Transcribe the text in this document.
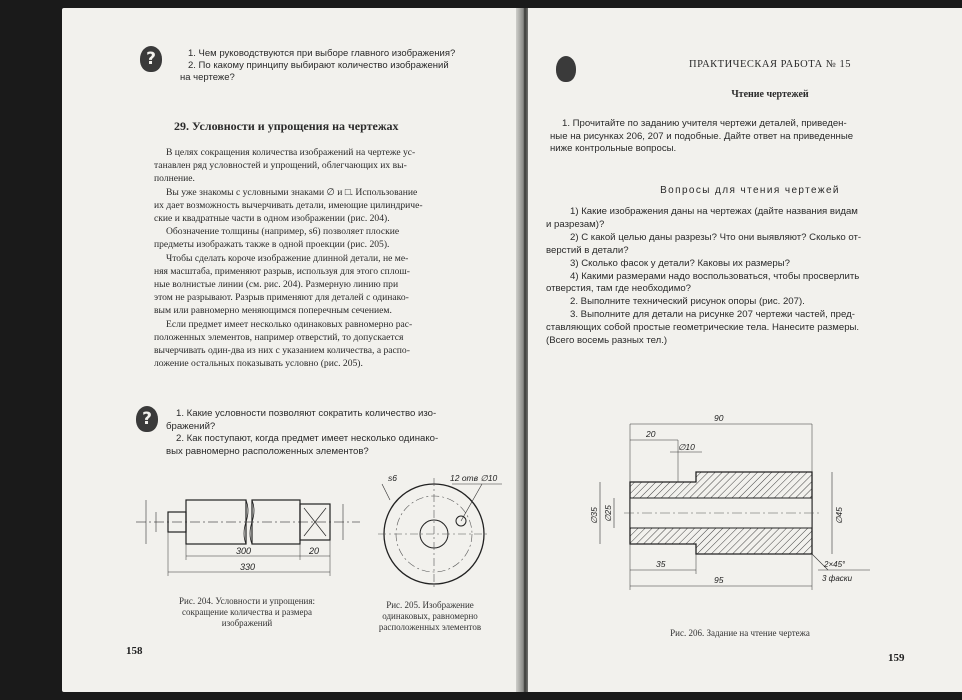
?	1. Чем руководствуются при выборе главного изображения?
2. По какому принципу выбирают количество изображений
на чертеже?
29. Условности и упрощения на чертежах
В целях сокращения количества изображений на чертеже ус-
танавлен ряд условностей и упрощений, облегчающих их вы-
полнение.
Вы уже знакомы с условными знаками ∅ и □. Использование
их дает возможность вычерчивать детали, имеющие цилиндриче-
ские и квадратные части в одном изображении (рис. 204).
Обозначение толщины (например, s6) позволяет плоские
предметы изображать также в одной проекции (рис. 205).
Чтобы сделать короче изображение длинной детали, не ме-
няя масштаба, применяют разрыв, используя для этого сплош-
ные волнистые линии (см. рис. 204). Размерную линию при
этом не разрывают. Разрыв применяют для деталей с одинако-
вым или равномерно меняющимся поперечным сечением.
Если предмет имеет несколько одинаковых равномерно рас-
положенных элементов, например отверстий, то допускается
вычерчивать один-два из них с указанием количества, а распо-
ложение остальных показывать условно (рис. 205).
?	1. Какие условности позволяют сократить количество изо-
бражений?
2. Как поступают, когда предмет имеет несколько одинако-
вых равномерно расположенных элементов?
300	20
330
Рис. 204. Условности и упрощения:
сокращение количества и размера
изображений
s6	12 отв ∅10
Рис. 205. Изображение
одинаковых, равномерно
расположенных элементов
158
ПРАКТИЧЕСКАЯ РАБОТА № 15
Чтение чертежей
1. Прочитайте по заданию учителя чертежи деталей, приведен-
ные на рисунках 206, 207 и подобные. Дайте ответ на приведенные
ниже контрольные вопросы.
Вопросы для чтения чертежей
1) Какие изображения даны на чертежах (дайте названия видам
и разрезам)?
2) С какой целью даны разрезы? Что они выявляют? Сколько от-
верстий в детали?
3) Сколько фасок у детали? Каковы их размеры?
4) Какими размерами надо воспользоваться, чтобы просверлить
отверстия, там где необходимо?
2. Выполните технический рисунок опоры (рис. 207).
3. Выполните для детали на рисунке 207 чертежи частей, пред-
ставляющих собой простые геометрические тела. Нанесите размеры.
(Всего восемь разных тел.)
90
20
∅10
∅35 ∅25	∅45
35
95
2×45°
3 фаски
Рис. 206. Задание на чтение чертежа
159
